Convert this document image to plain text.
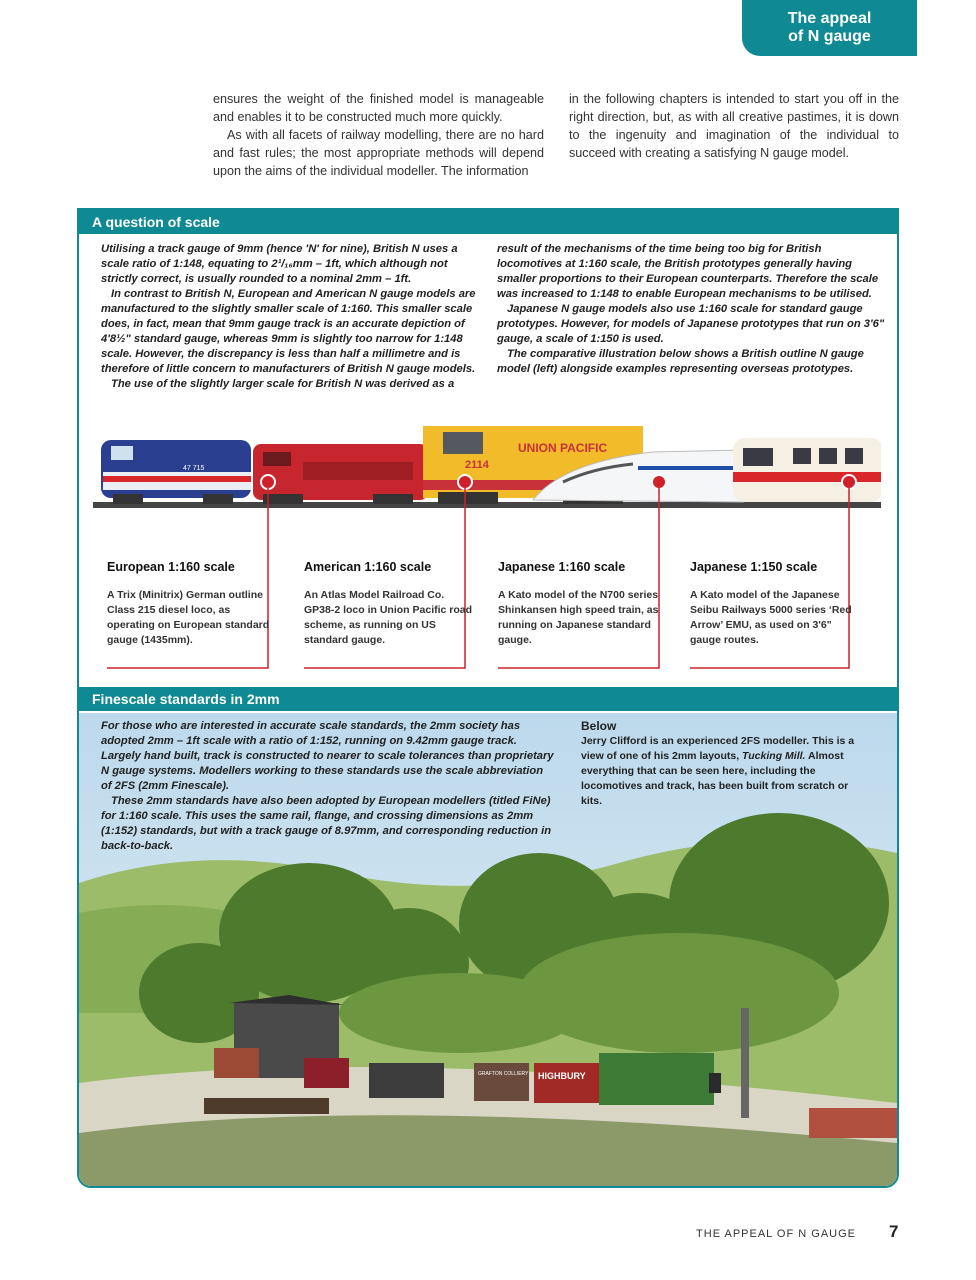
The appeal
of N gauge

ensures the weight of the finished model is manageable and enables it to be constructed much more quickly.

As with all facets of railway modelling, there are no hard and fast rules; the most appropriate methods will depend upon the aims of the individual modeller. The information

in the following chapters is intended to start you off in the right direction, but, as with all creative pastimes, it is down to the ingenuity and imagination of the individual to succeed with creating a satisfying N gauge model.

A question of scale

Utilising a track gauge of 9mm (hence 'N' for nine), British N uses a scale ratio of 1:148, equating to 2¹/₁₆mm – 1ft, which although not strictly correct, is usually rounded to a nominal 2mm – 1ft.

In contrast to British N, European and American N gauge models are manufactured to the slightly smaller scale of 1:160. This smaller scale does, in fact, mean that 9mm gauge track is an accurate depiction of 4'8½" standard gauge, whereas 9mm is slightly too narrow for 1:148 scale. However, the discrepancy is less than half a millimetre and is therefore of little concern to manufacturers of British N gauge models.

The use of the slightly larger scale for British N was derived as a

result of the mechanisms of the time being too big for British locomotives at 1:160 scale, the British prototypes generally having smaller proportions to their European counterparts. Therefore the scale was increased to 1:148 to enable European mechanisms to be utilised.

Japanese N gauge models also use 1:160 scale for standard gauge prototypes. However, for models of Japanese prototypes that run on 3'6" gauge, a scale of 1:150 is used.

The comparative illustration below shows a British outline N gauge model (left) alongside examples representing overseas prototypes.

47 715	2114
UNION PACIFIC
European 1:160 scale
A Trix (Minitrix) German outline Class 215 diesel loco, as operating on European standard gauge (1435mm).
American 1:160 scale
An Atlas Model Railroad Co. GP38-2 loco in Union Pacific road scheme, as running on US standard gauge.
Japanese 1:160 scale
A Kato model of the N700 series Shinkansen high speed train, as running on Japanese standard gauge.
Japanese 1:150 scale
A Kato model of the Japanese Seibu Railways 5000 series ‘Red Arrow’ EMU, as used on 3'6" gauge routes.
Finescale standards in 2mm
GRAFTON COLLIERY HIGHBURY

For those who are interested in accurate scale standards, the 2mm society has adopted 2mm – 1ft scale with a ratio of 1:152, running on 9.42mm gauge track. Largely hand built, track is constructed to nearer to scale tolerances than proprietary N gauge systems. Modellers working to these standards use the scale abbreviation of 2FS (2mm Finescale).

These 2mm standards have also been adopted by European modellers (titled FiNe) for 1:160 scale. This uses the same rail, flange, and crossing dimensions as 2mm (1:152) standards, but with a track gauge of 8.97mm, and corresponding reduction in back-to-back.

Below
Jerry Clifford is an experienced 2FS modeller. This is a view of one of his 2mm layouts, Tucking Mill. Almost everything that can be seen here, including the locomotives and track, has been built from scratch or kits.
THE APPEAL OF N GAUGE 7
